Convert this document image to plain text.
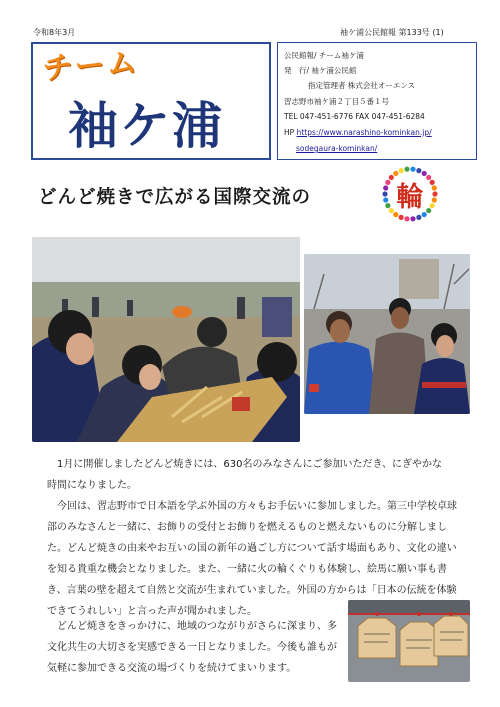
令和8年3月	袖ケ浦公民館報 第133号 (1)
チーム
袖ケ浦
公民館報/ チーム袖ケ浦
発　行/ 袖ケ浦公民館
指定管理者 株式会社オーエンス
習志野市袖ケ浦２丁目５番１号
TEL 047-451-6776 FAX 047-451-6284
HP https://www.narashino-kominkan.jp/
sodegaura-kominkan/
どんど焼きで広がる国際交流の	輪

1月に開催しましたどんど焼きには、630名のみなさんにご参加いただき、にぎやかな時間になりました。

今回は、習志野市で日本語を学ぶ外国の方々もお手伝いに参加しました。第三中学校卓球部のみなさんと一緒に、お飾りの受付とお飾りを燃えるものと燃えないものに分解しました。どんど焼きの由来やお互いの国の新年の過ごし方について話す場面もあり、文化の違いを知る貴重な機会となりました。また、一緒に火の輪くぐりも体験し、絵馬に願い事も書き、言葉の壁を超えて自然と交流が生まれていました。外国の方からは「日本の伝統を体験できてうれしい」と言った声が聞かれました。

どんど焼きをきっかけに、地域のつながりがさらに深まり、多文化共生の大切さを実感できる一日となりました。今後も誰もが気軽に参加できる交流の場づくりを続けてまいります。
